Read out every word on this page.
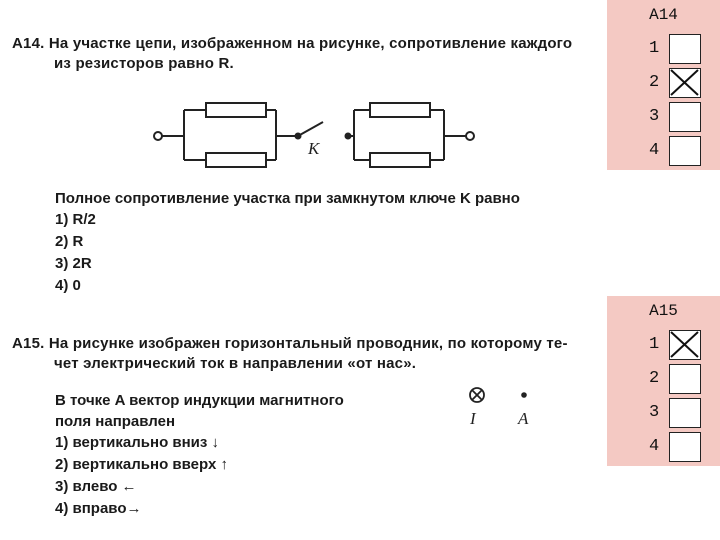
A14. На участке цепи, изображенном на рисунке, сопротивление каждого
из резисторов равно R.
K
Полное сопротивление участка при замкнутом ключе K равно
1) R/2
2) R
3) 2R
4) 0
A15. На рисунке изображен горизонтальный проводник, по которому те-
чет электрический ток в направлении «от нас».
В точке A вектор индукции магнитного
поля направлен
1) вертикально вниз ↓
2) вертикально вверх ↑
3) влево ←
4) вправо→
I A
A14
1
2
3
4
A15
1
2
3
4
